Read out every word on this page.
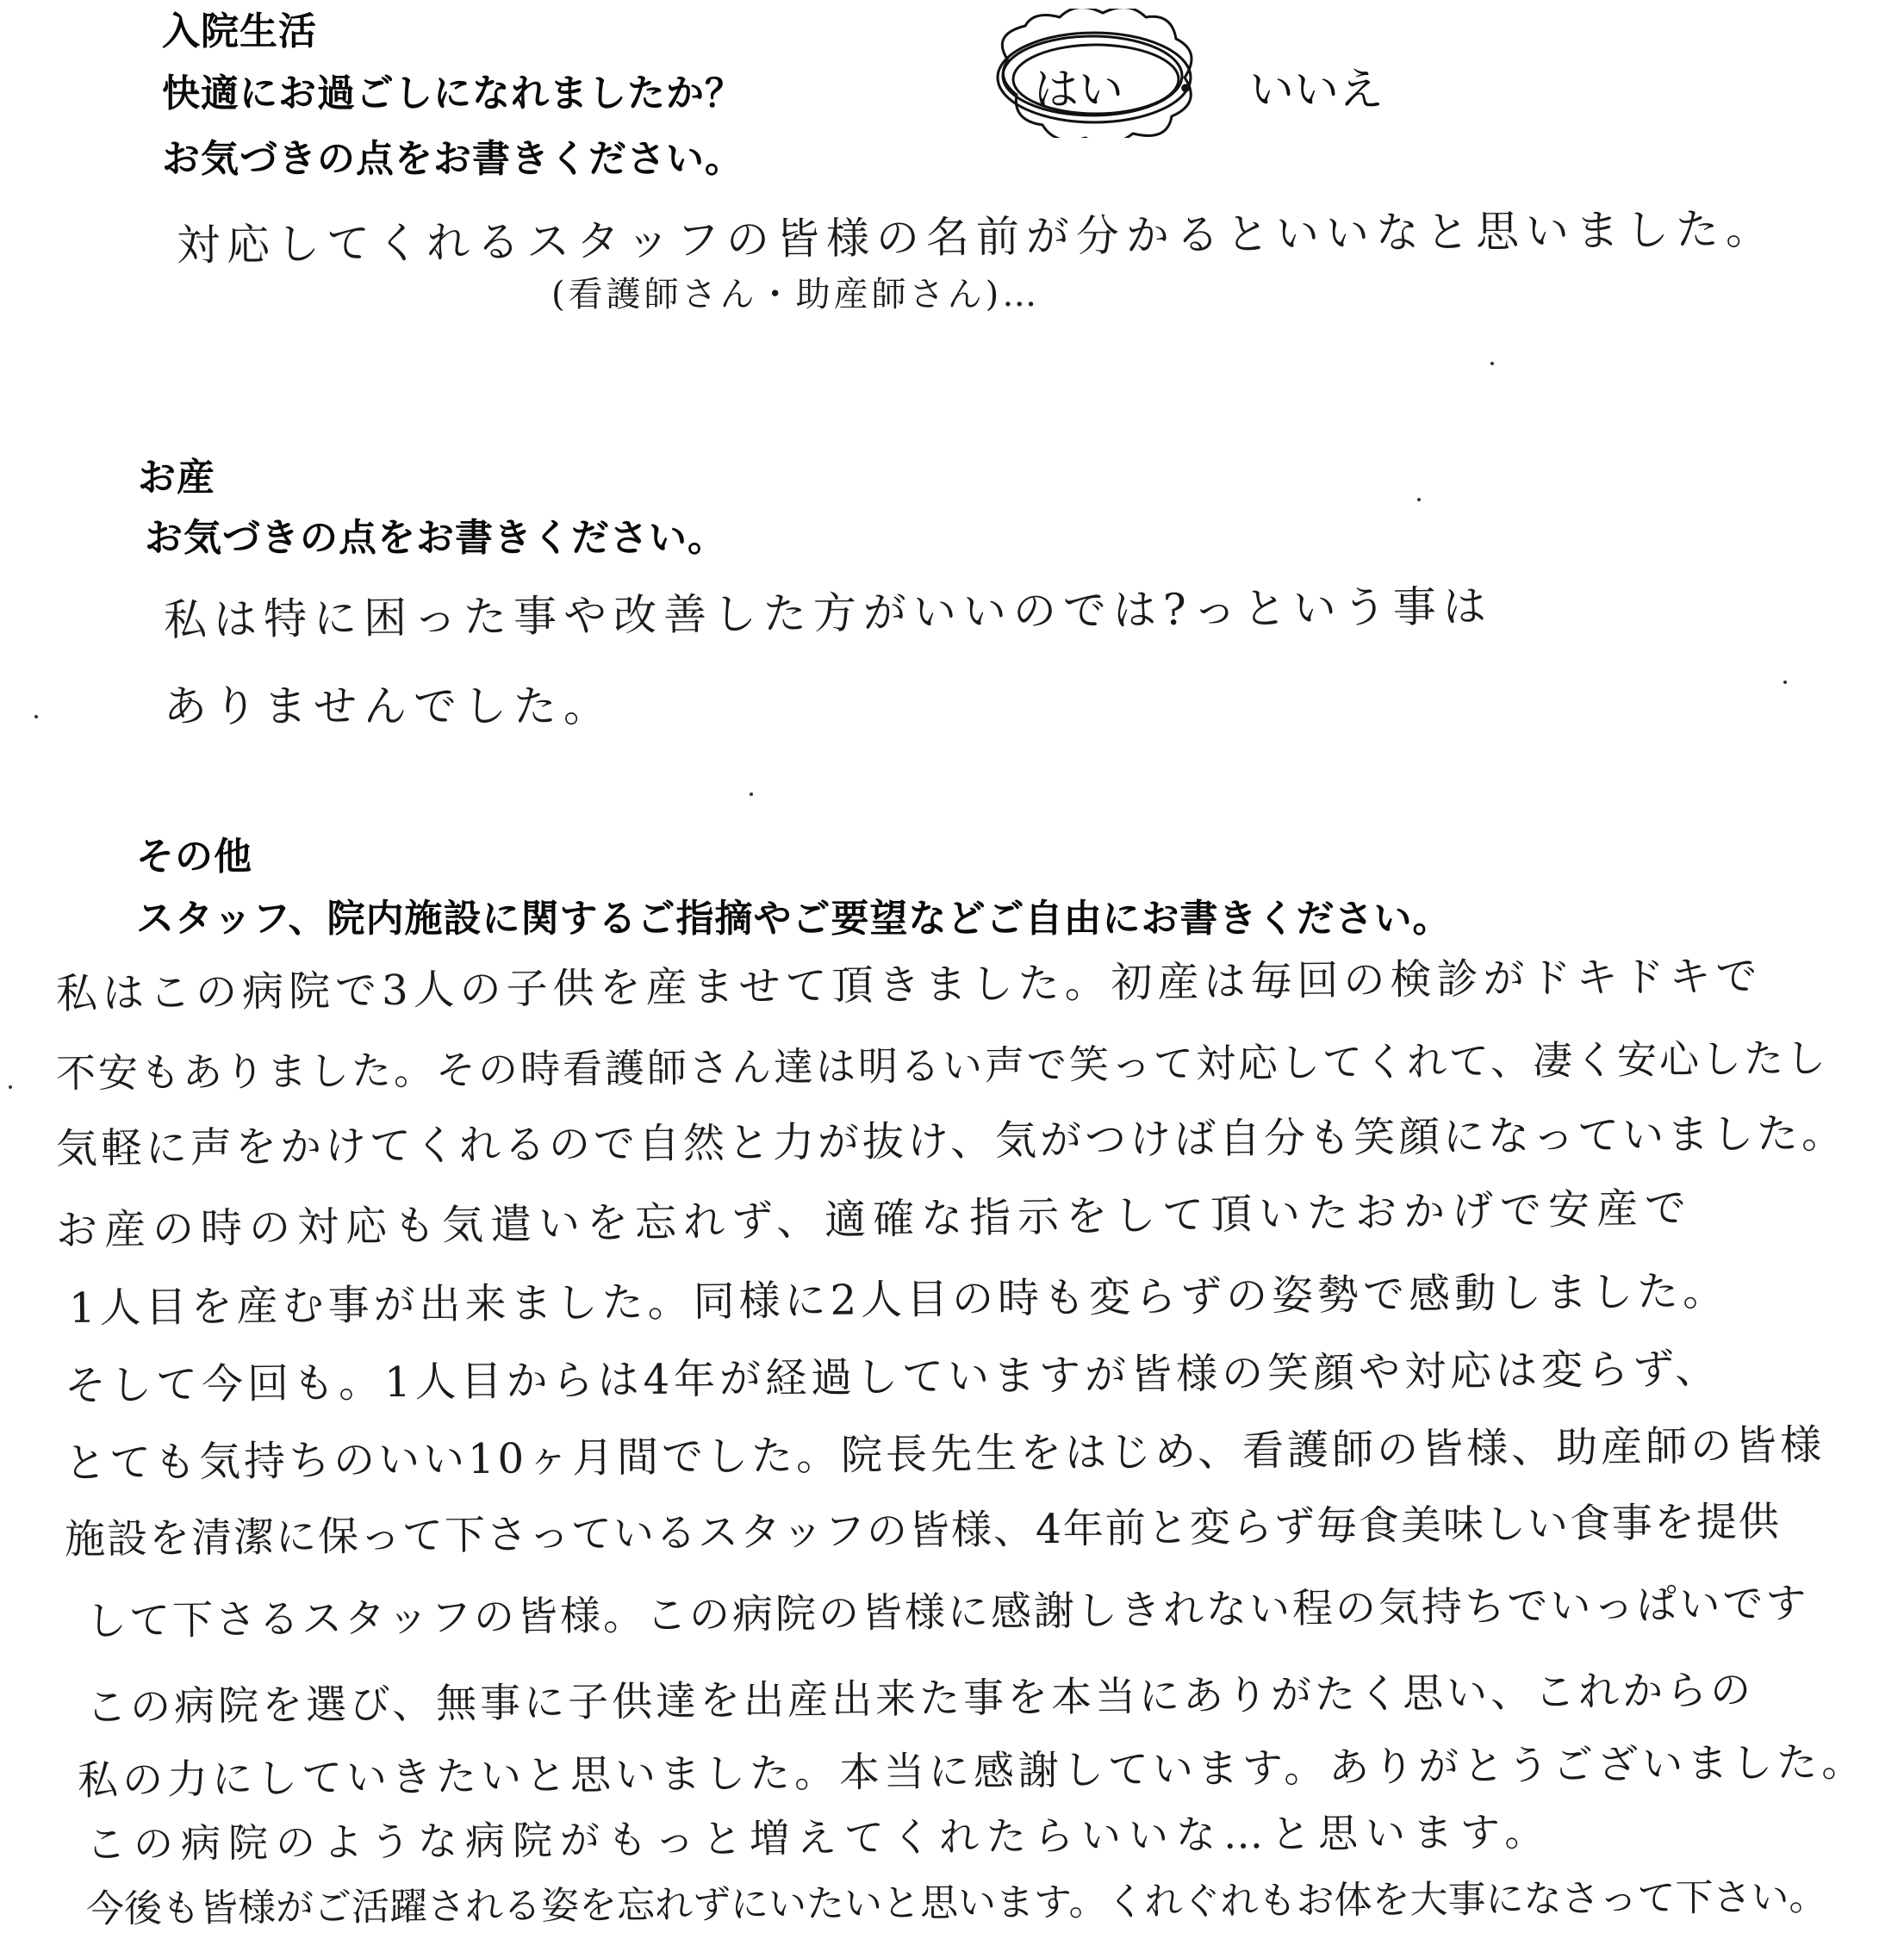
入院生活
快適にお過ごしになれましたか？
お気づきの点をお書きください。
はい ・ いいえ
対応してくれるスタッフの皆様の名前が分かるといいなと思いました。
(看護師さん・助産師さん)…
お産
お気づきの点をお書きください。
私は特に困った事や改善した方がいいのでは?っという事は
ありませんでした。
その他
スタッフ、院内施設に関するご指摘やご要望などご自由にお書きください。
私はこの病院で3人の子供を産ませて頂きました。初産は毎回の検診がドキドキで
不安もありました。その時看護師さん達は明るい声で笑って対応してくれて、凄く安心したし
気軽に声をかけてくれるので自然と力が抜け、気がつけば自分も笑顔になっていました。
お産の時の対応も気遣いを忘れず、適確な指示をして頂いたおかげで安産で
1人目を産む事が出来ました。同様に2人目の時も変らずの姿勢で感動しました。
そして今回も。1人目からは4年が経過していますが皆様の笑顔や対応は変らず、
とても気持ちのいい10ヶ月間でした。院長先生をはじめ、看護師の皆様、助産師の皆様
施設を清潔に保って下さっているスタッフの皆様、4年前と変らず毎食美味しい食事を提供
して下さるスタッフの皆様。この病院の皆様に感謝しきれない程の気持ちでいっぱいです
この病院を選び、無事に子供達を出産出来た事を本当にありがたく思い、これからの
私の力にしていきたいと思いました。本当に感謝しています。ありがとうございました。
この病院のような病院がもっと増えてくれたらいいな…と思います。
今後も皆様がご活躍される姿を忘れずにいたいと思います。くれぐれもお体を大事になさって下さい。
